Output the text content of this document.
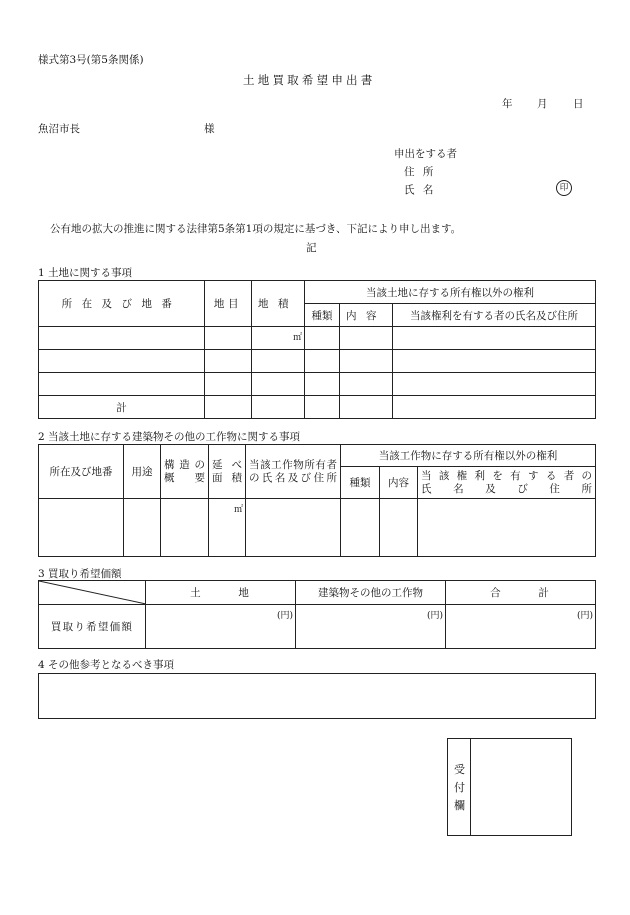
様式第3号(第5条関係)
土地買取希望申出書
年 月 日
魚沼市長	様
申出をする者
住所
氏名	印
公有地の拡大の推進に関する法律第5条第1項の規定に基づき、下記により申し出ます。
記
1 土地に関する事項
所在及び地番	地目	地積	当該土地に存する所有権以外の権利		
			種類	内容	当該権利を有する者の氏名及び住所
		㎡			

計					
2 当該土地に存する建築物その他の工作物に関する事項
所在及び地番	用途	構造の概要	延べ面積	当該工作物所有者の氏名及び住所	当該工作物に存する所有権以外の権利		
					種類	内容	当該権利を有する者の
氏名及び住所

			㎡				
3 買取り希望価額
	土地	建築物その他の工作物	合計
買取り希望価額	(円)	(円)	(円)
4 その他参考となるべき事項
受付欄
